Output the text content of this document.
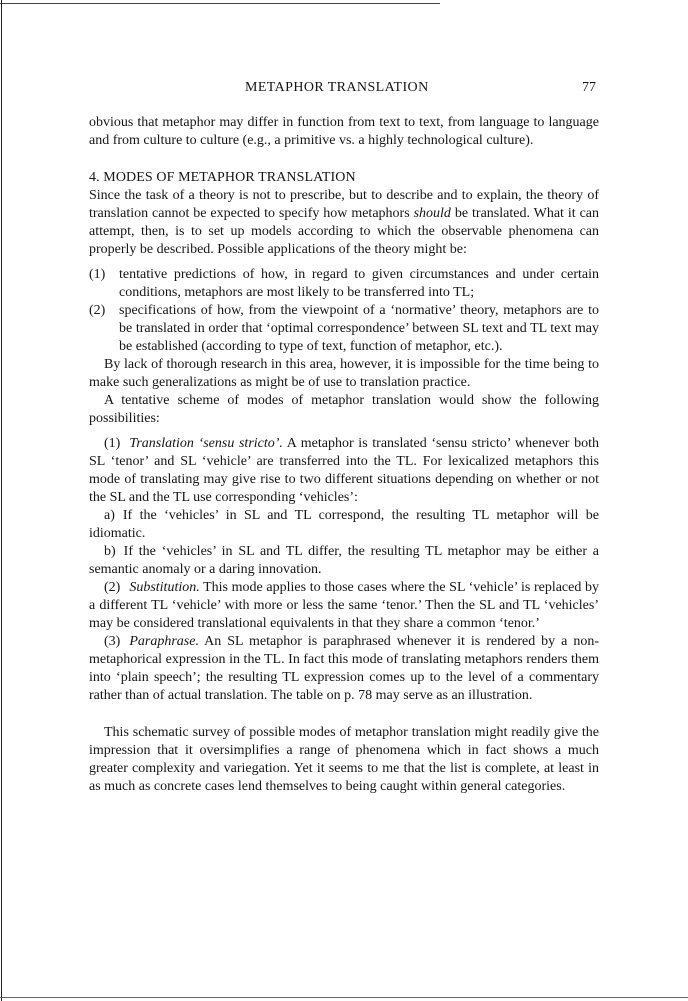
METAPHOR TRANSLATION	77

obvious that metaphor may differ in function from text to text, from language to language and from culture to culture (e.g., a primitive vs. a highly technological culture).

4. MODES OF METAPHOR TRANSLATION

Since the task of a theory is not to prescribe, but to describe and to explain, the theory of translation cannot be expected to specify how metaphors should be translated. What it can attempt, then, is to set up models according to which the observable phenomena can properly be described. Possible applications of the theory might be:

(1) tentative predictions of how, in regard to given circumstances and under certain conditions, metaphors are most likely to be transferred into TL;
(2) specifications of how, from the viewpoint of a ‘normative’ theory, metaphors are to be translated in order that ‘optimal correspondence’ between SL text and TL text may be established (according to type of text, function of metaphor, etc.).

By lack of thorough research in this area, however, it is impossible for the time being to make such generalizations as might be of use to translation practice.

A tentative scheme of modes of metaphor translation would show the following possibilities:

(1) Translation ‘sensu stricto’. A metaphor is translated ‘sensu stricto’ whenever both SL ‘tenor’ and SL ‘vehicle’ are transferred into the TL. For lexicalized metaphors this mode of translating may give rise to two different situations depending on whether or not the SL and the TL use corresponding ‘vehicles’:

a) If the ‘vehicles’ in SL and TL correspond, the resulting TL metaphor will be idiomatic.

b) If the ‘vehicles’ in SL and TL differ, the resulting TL metaphor may be either a semantic anomaly or a daring innovation.

(2) Substitution. This mode applies to those cases where the SL ‘vehicle’ is replaced by a different TL ‘vehicle’ with more or less the same ‘tenor.’ Then the SL and TL ‘vehicles’ may be considered translational equivalents in that they share a common ‘tenor.’

(3) Paraphrase. An SL metaphor is paraphrased whenever it is rendered by a non-metaphorical expression in the TL. In fact this mode of translating metaphors renders them into ‘plain speech’; the resulting TL expression comes up to the level of a commentary rather than of actual translation. The table on p. 78 may serve as an illustration.

This schematic survey of possible modes of metaphor translation might readily give the impression that it oversimplifies a range of phenomena which in fact shows a much greater complexity and variegation. Yet it seems to me that the list is complete, at least in as much as concrete cases lend themselves to being caught within general categories.
